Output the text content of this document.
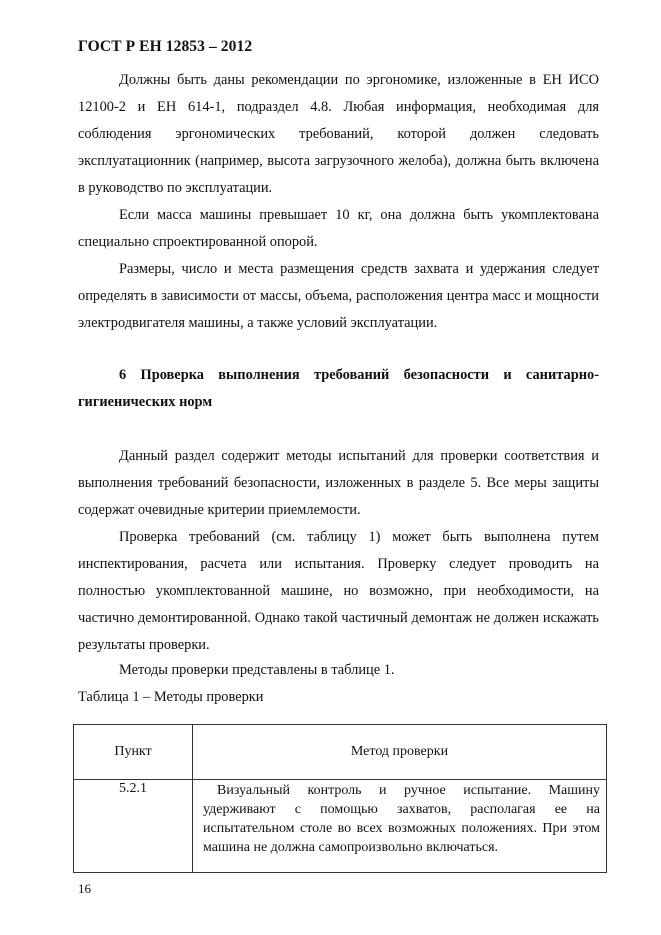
ГОСТ Р ЕН 12853 – 2012

Должны быть даны рекомендации по эргономике, изложенные в ЕН ИСО 12100-2 и ЕН 614-1, подраздел 4.8. Любая информация, необходимая для соблюдения эргономических требований, которой должен следовать эксплуатационник (например, высота загрузочного желоба), должна быть включена в руководство по эксплуатации.

Если масса машины превышает 10 кг, она должна быть укомплектована специально спроектированной опорой.

Размеры, число и места размещения средств захвата и удержания следует определять в зависимости от массы, объема, расположения центра масс и мощности электродвигателя машины, а также условий эксплуатации.

6 Проверка выполнения требований безопасности и санитарно-гигиенических норм

Данный раздел содержит методы испытаний для проверки соответствия и выполнения требований безопасности, изложенных в разделе 5. Все меры защиты содержат очевидные критерии приемлемости.

Проверка требований (см. таблицу 1) может быть выполнена путем инспектирования, расчета или испытания. Проверку следует проводить на полностью укомплектованной машине, но возможно, при необходимости, на частично демонтированной. Однако такой частичный демонтаж не должен искажать результаты проверки.

Методы проверки представлены в таблице 1.

Таблица 1 – Методы проверки
Пункт	Метод проверки
5.2.1	Визуальный контроль и ручное испытание. Машину удерживают с помощью захватов, располагая ее на испытательном столе во всех возможных положениях. При этом машина не должна самопроизвольно включаться.
16
